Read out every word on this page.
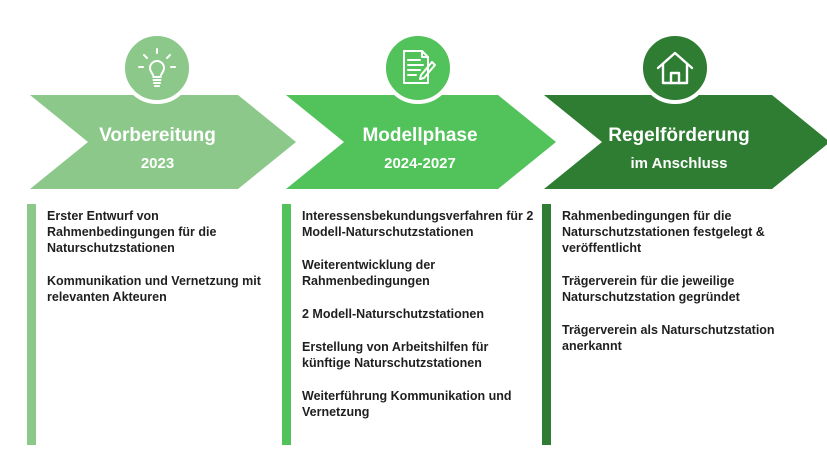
Vorbereitung
2023
Modellphase
2024-2027
Regelförderung
im Anschluss
Erster Entwurf von Rahmenbedingungen für die Naturschutzstationen
Kommunikation und Vernetzung mit relevanten Akteuren
Interessensbekundungsverfahren für 2 Modell-Naturschutzstationen
Weiterentwicklung der Rahmenbedingungen
2 Modell-Naturschutzstationen
Erstellung von Arbeitshilfen für künftige Naturschutzstationen
Weiterführung Kommunikation und Vernetzung
Rahmenbedingungen für die Naturschutzstationen festgelegt & veröffentlicht
Trägerverein für die jeweilige Naturschutzstation gegründet
Trägerverein als Naturschutzstation anerkannt
